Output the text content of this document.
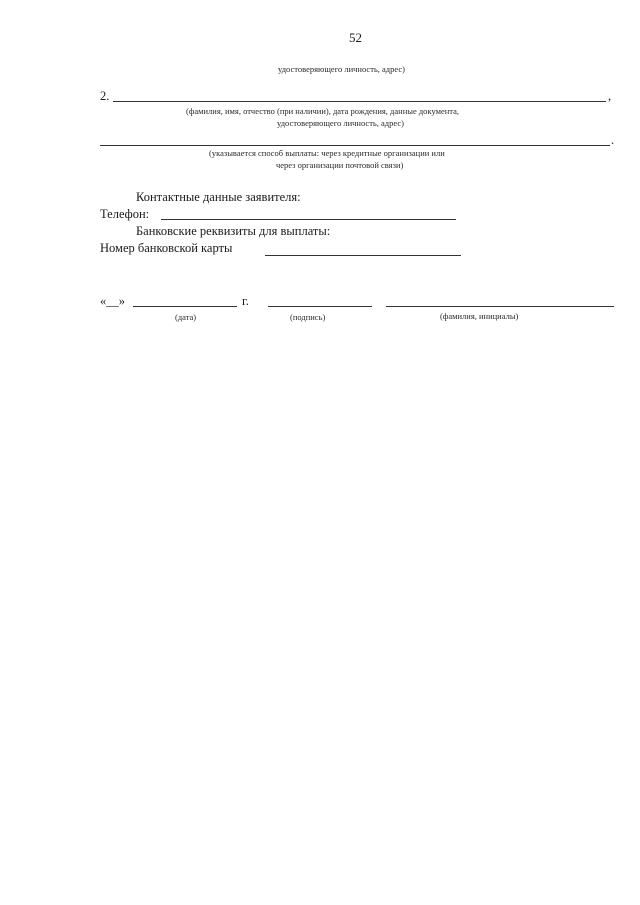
52
удостоверяющего личность, адрес)
2.	,
(фамилия, имя, отчество (при наличии), дата рождения, данные документа,
удостоверяющего личность, адрес)
.
(указывается способ выплаты: через кредитные организации или
через организации почтовой связи)
Контактные данные заявителя:
Телефон:
Банковские реквизиты для выплаты:
Номер банковской карты
«__»	г.
(дата)	(подпись)	(фамилия, инициалы)
